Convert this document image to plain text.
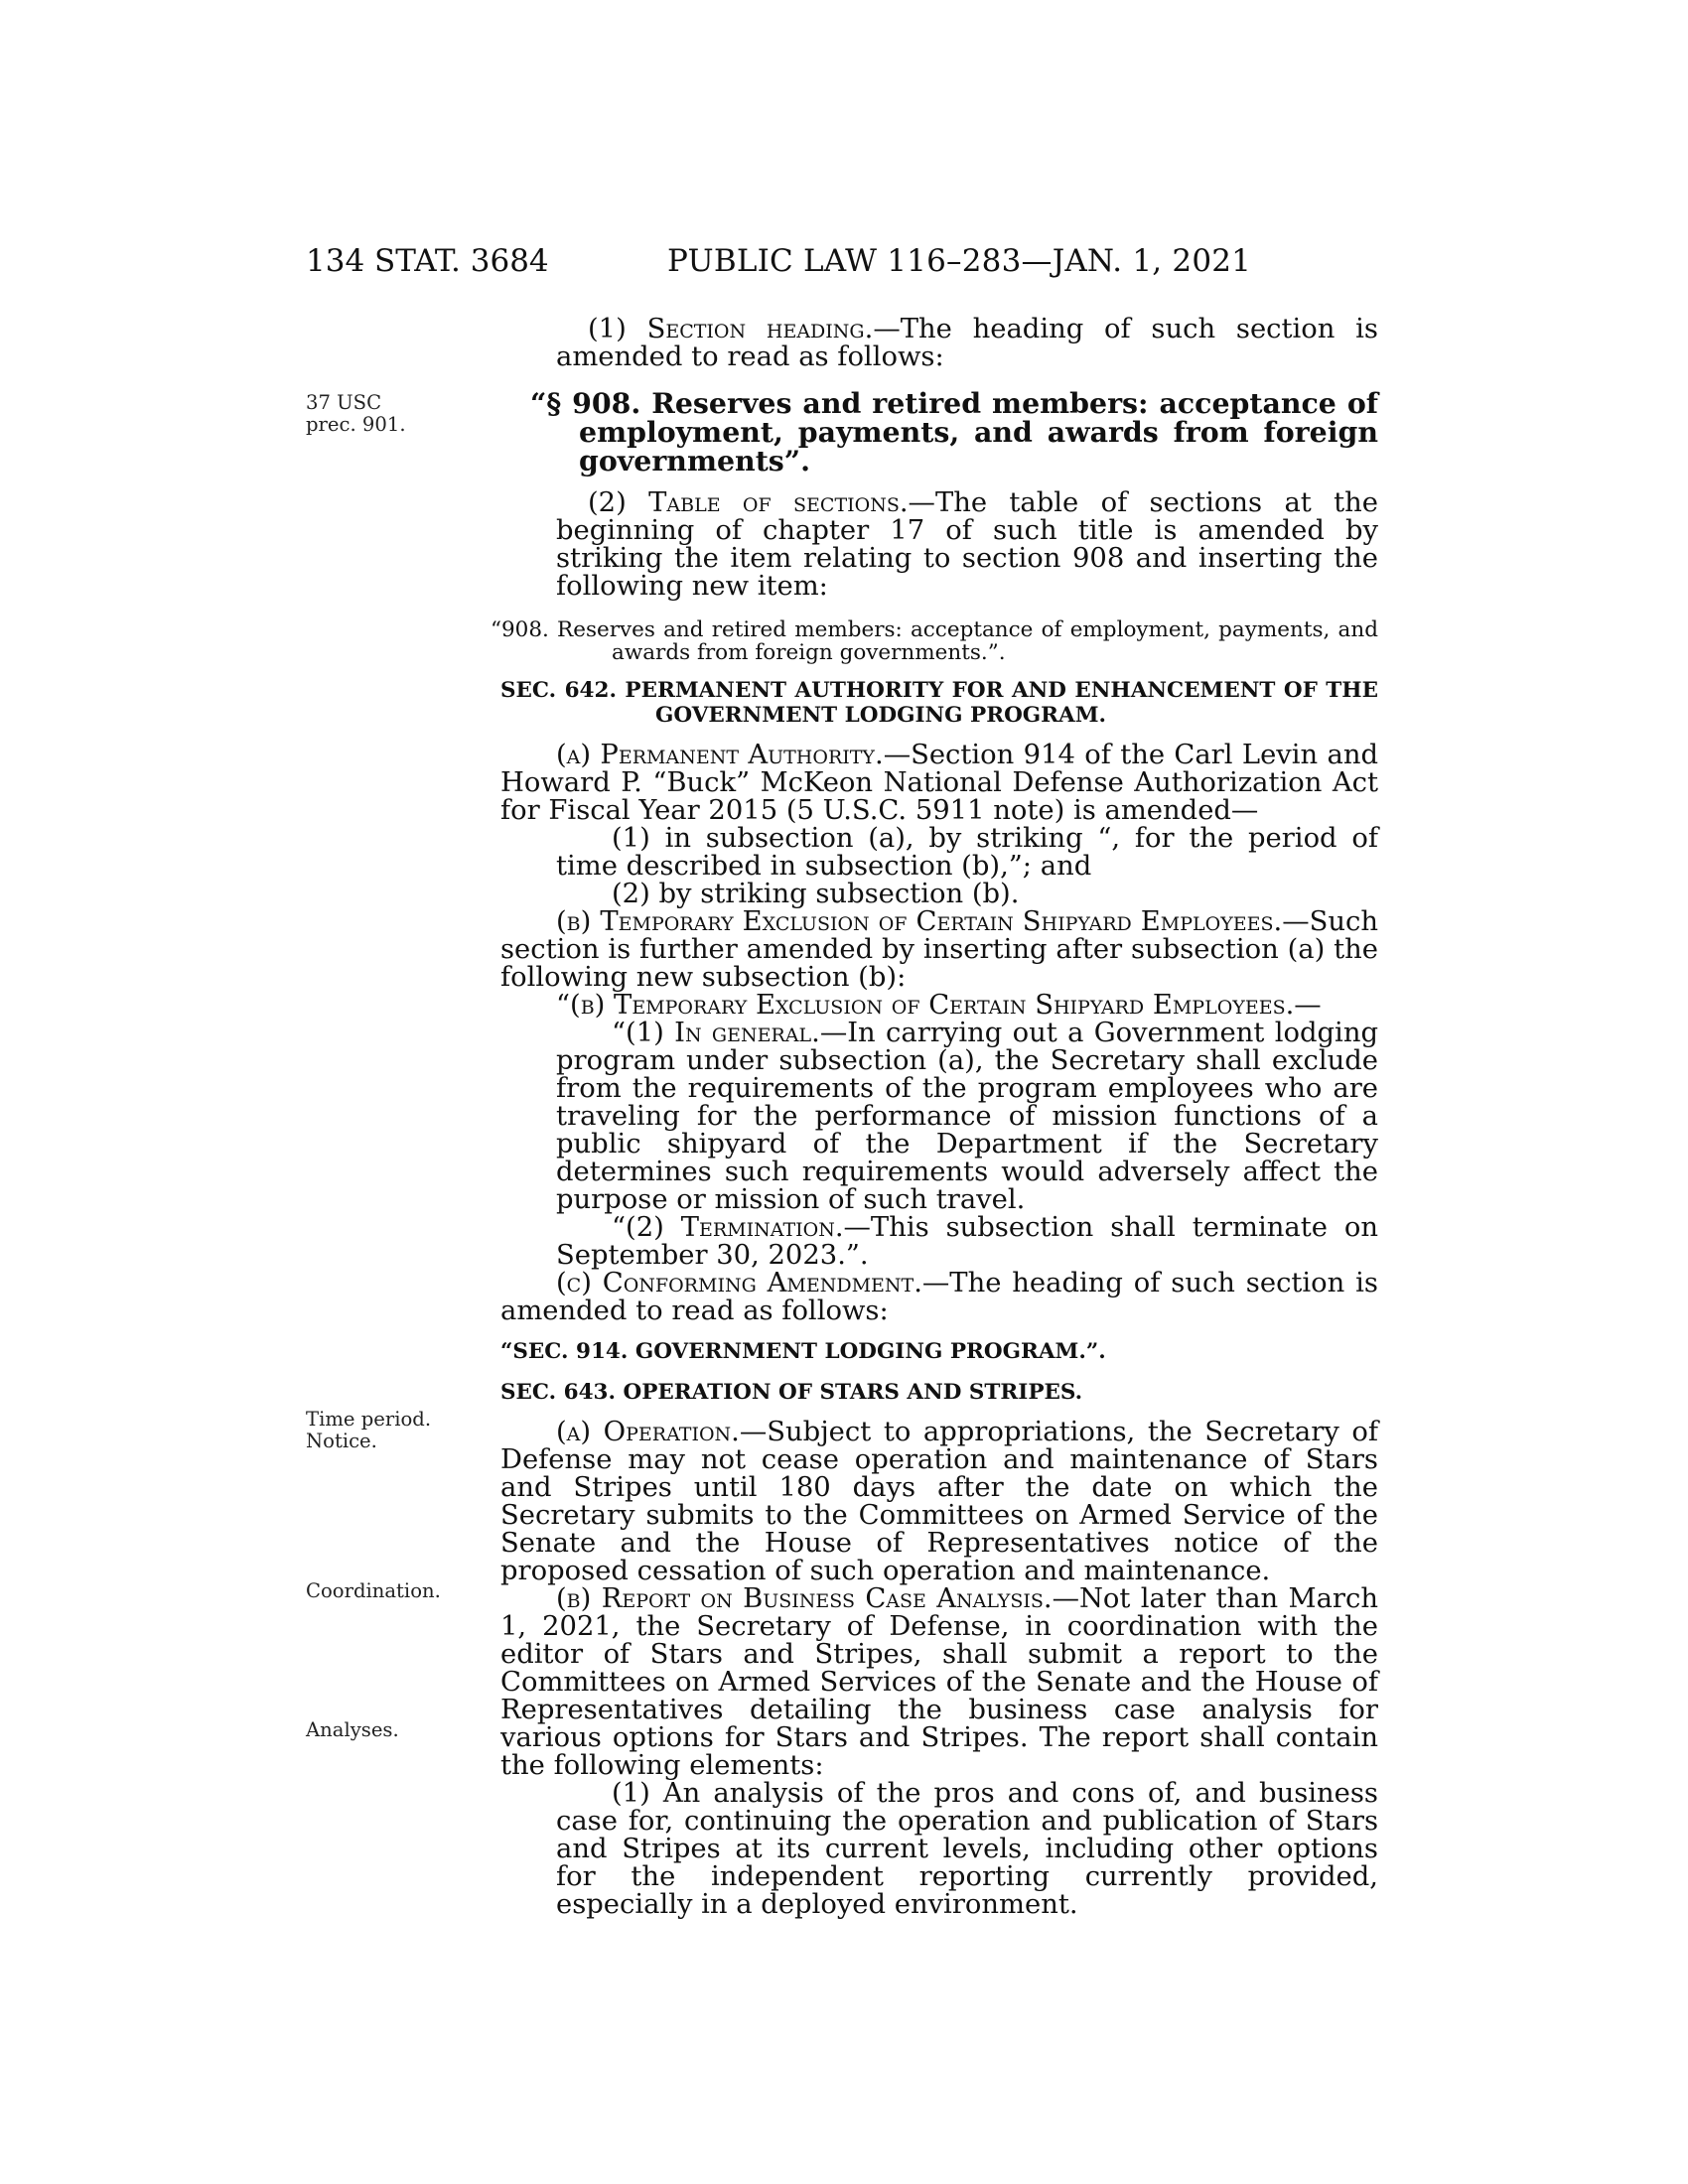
134 STAT. 3684	PUBLIC LAW 116–283—JAN. 1, 2021
37 USC
prec. 901.
Time period.
Notice.
Coordination.
Analyses.

(1) Section heading.—The heading of such section is amended to read as follows:

“§ 908. Reserves and retired members: acceptance of employment, payments, and awards from foreign governments”.

(2) Table of sections.—The table of sections at the beginning of chapter 17 of such title is amended by striking the item relating to section 908 and inserting the following new item:

“908. Reserves and retired members: acceptance of employment, payments, and awards from foreign governments.”.

SEC. 642. PERMANENT AUTHORITY FOR AND ENHANCEMENT OF THE GOVERNMENT LODGING PROGRAM.

(a) Permanent Authority.—Section 914 of the Carl Levin and Howard P. “Buck” McKeon National Defense Authorization Act for Fiscal Year 2015 (5 U.S.C. 5911 note) is amended—

(1) in subsection (a), by striking “, for the period of time described in subsection (b),”; and

(2) by striking subsection (b).

(b) Temporary Exclusion of Certain Shipyard Employees.—Such section is further amended by inserting after subsection (a) the following new subsection (b):

“(b) Temporary Exclusion of Certain Shipyard Employees.—

“(1) In general.—In carrying out a Government lodging program under subsection (a), the Secretary shall exclude from the requirements of the program employees who are traveling for the performance of mission functions of a public shipyard of the Department if the Secretary determines such requirements would adversely affect the purpose or mission of such travel.

“(2) Termination.—This subsection shall terminate on September 30, 2023.”.

(c) Conforming Amendment.—The heading of such section is amended to read as follows:

“SEC. 914. GOVERNMENT LODGING PROGRAM.”.

SEC. 643. OPERATION OF STARS AND STRIPES.

(a) Operation.—Subject to appropriations, the Secretary of Defense may not cease operation and maintenance of Stars and Stripes until 180 days after the date on which the Secretary submits to the Committees on Armed Service of the Senate and the House of Representatives notice of the proposed cessation of such operation and maintenance.

(b) Report on Business Case Analysis.—Not later than March 1, 2021, the Secretary of Defense, in coordination with the editor of Stars and Stripes, shall submit a report to the Committees on Armed Services of the Senate and the House of Representatives detailing the business case analysis for various options for Stars and Stripes. The report shall contain the following elements:

(1) An analysis of the pros and cons of, and business case for, continuing the operation and publication of Stars and Stripes at its current levels, including other options for the independent reporting currently provided, especially in a deployed environment.
